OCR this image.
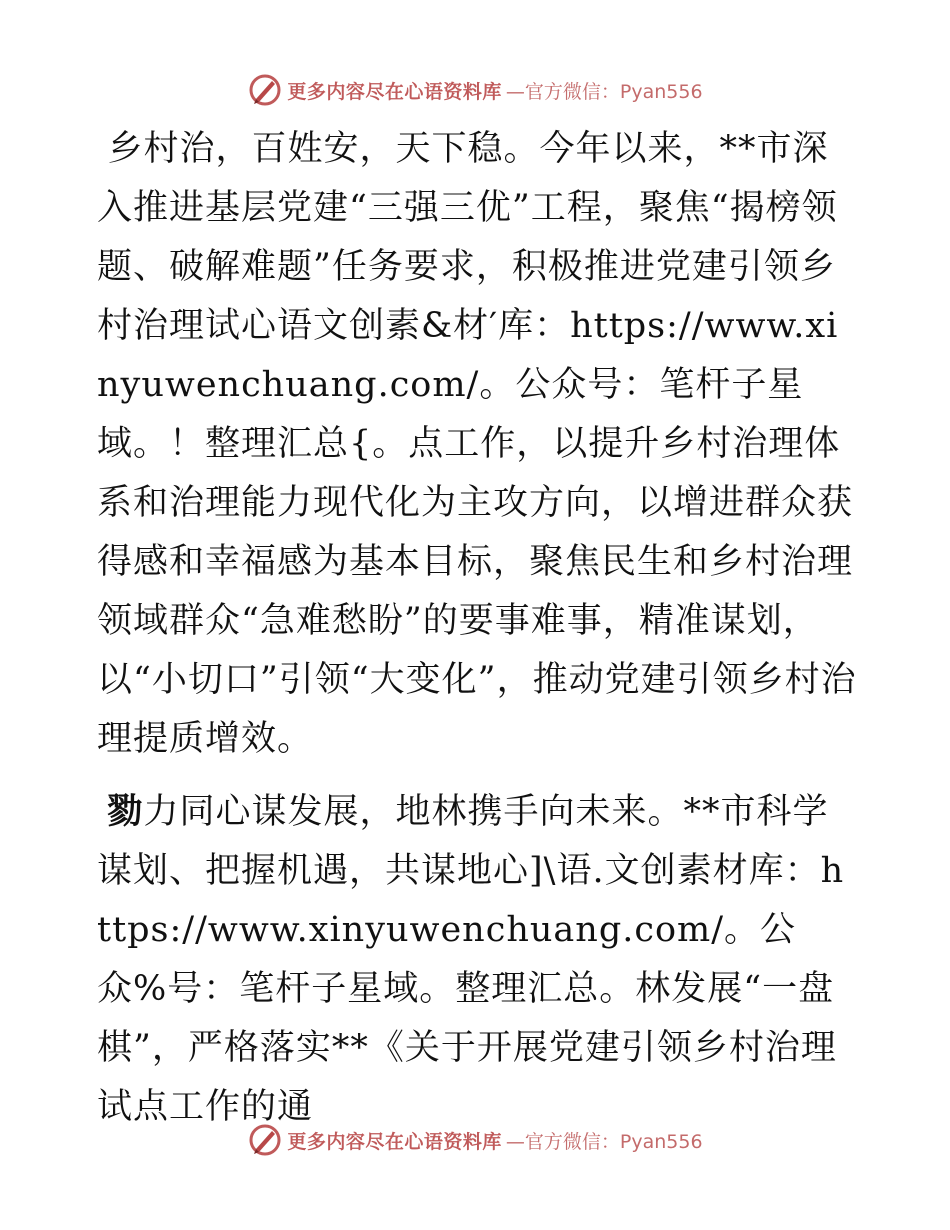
更多内容尽在心语资料库 —官方微信：Pyan556

乡村治，百姓安，天下稳。今年以来，**市深入推进基层党建“三强三优”工程，聚焦“揭榜领题、破解难题”任务要求，积极推进党建引领乡村治理试心语文创素&材′库：https://www.xinyuwenchuang.com/。公众号：笔杆子星域。！整理汇总{。点工作，以提升乡村治理体系和治理能力现代化为主攻方向，以增进群众获得感和幸福感为基本目标，聚焦民生和乡村治理领域群众“急难愁盼”的要事难事，精准谋划，以“小切口”引领“大变化”，推动党建引领乡村治理提质增效。

勠力同心谋发展，地林携手向未来。**市科学谋划、把握机遇，共谋地心]\语.文创素材库：https://www.xinyuwenchuang.com/。公众%号：笔杆子星域。整理汇总。林发展“一盘棋”，严格落实**《关于开展党建引领乡村治理试点工作的通

更多内容尽在心语资料库 —官方微信：Pyan556
